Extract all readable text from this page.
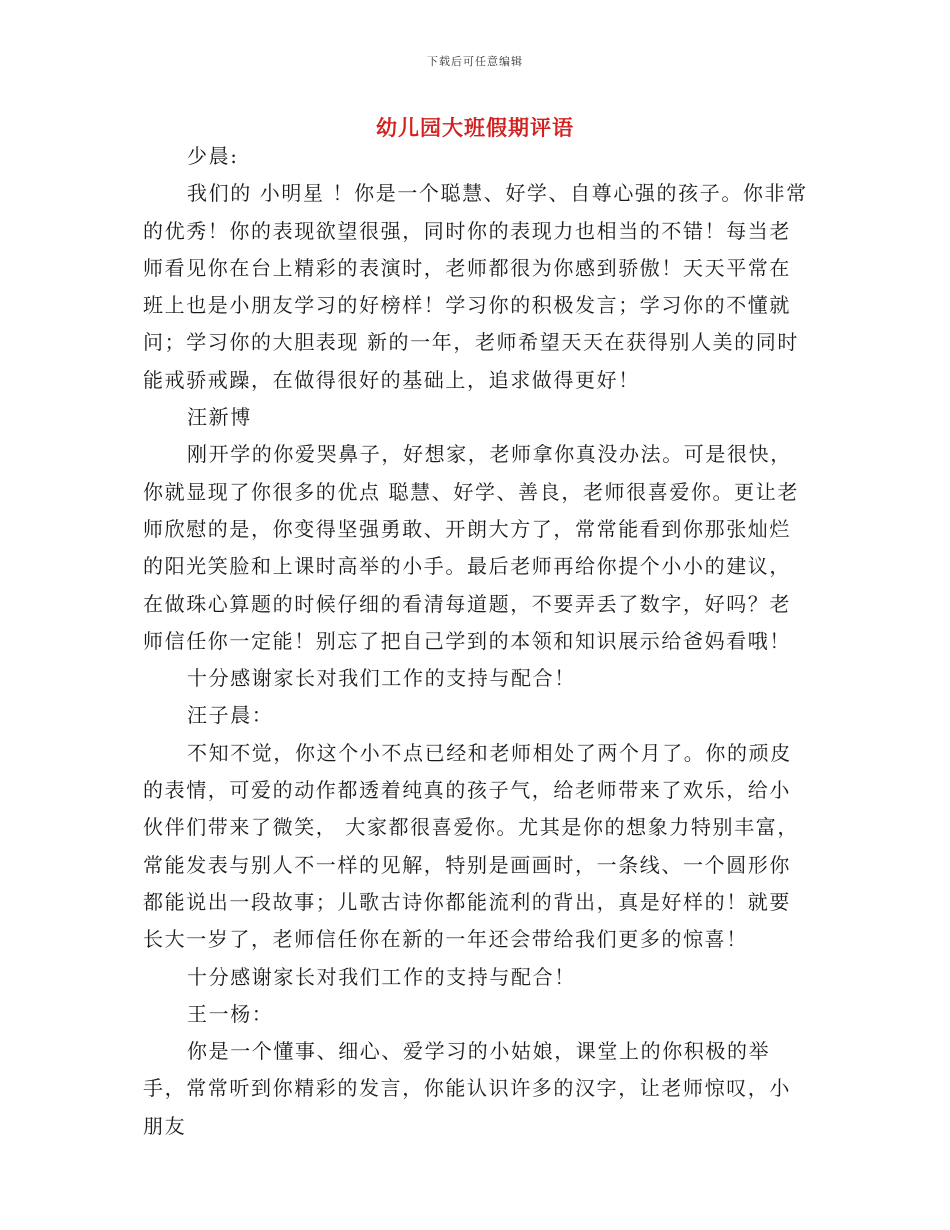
下载后可任意编辑
幼儿园大班假期评语

少晨:

我们的 小明星 ！你是一个聪慧、好学、自尊心强的孩子。你非常的优秀！你的表现欲望很强，同时你的表现力也相当的不错！每当老师看见你在台上精彩的表演时，老师都很为你感到骄傲！天天平常在班上也是小朋友学习的好榜样！学习你的积极发言；学习你的不懂就问；学习你的大胆表现 新的一年，老师希望天天在获得别人美的同时能戒骄戒躁，在做得很好的基础上，追求做得更好！

汪新博

刚开学的你爱哭鼻子，好想家，老师拿你真没办法。可是很快，你就显现了你很多的优点 聪慧、好学、善良，老师很喜爱你。更让老师欣慰的是，你变得坚强勇敢、开朗大方了，常常能看到你那张灿烂的阳光笑脸和上课时高举的小手。最后老师再给你提个小小的建议，在做珠心算题的时候仔细的看清每道题，不要弄丢了数字，好吗？老师信任你一定能！别忘了把自己学到的本领和知识展示给爸妈看哦！

十分感谢家长对我们工作的支持与配合！

汪子晨：

不知不觉，你这个小不点已经和老师相处了两个月了。你的顽皮的表情，可爱的动作都透着纯真的孩子气，给老师带来了欢乐，给小伙伴们带来了微笑， 大家都很喜爱你。尤其是你的想象力特别丰富，常能发表与别人不一样的见解，特别是画画时，一条线、一个圆形你都能说出一段故事；儿歌古诗你都能流利的背出，真是好样的！就要长大一岁了，老师信任你在新的一年还会带给我们更多的惊喜！

十分感谢家长对我们工作的支持与配合！

王一杨：

你是一个懂事、细心、爱学习的小姑娘，课堂上的你积极的举手，常常听到你精彩的发言，你能认识许多的汉字，让老师惊叹，小朋友
